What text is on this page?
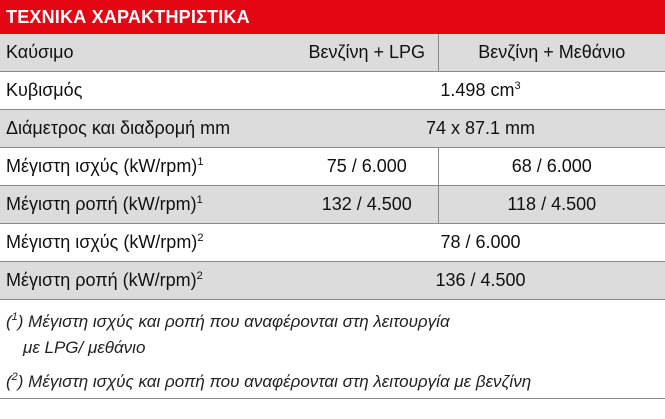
ΤΕΧΝΙΚΑ ΧΑΡΑΚΤΗΡΙΣΤΙΚΑ
Καύσιμο	Βενζίνη + LPG	Βενζίνη + Μεθάνιο
Κυβισμός	1.498 $cm^3$
Διάμετρος και διαδρομή mm	74 x 87.1 mm	
Μέγιστη ισχύς $(kW/rpm)^1$	75 / 6.000	68 / 6.000
Μέγιστη ροπή $(kW/rpm)^1$	132 / 4.500	118 / 4.500
Μέγιστη ισχύς $(kW/rpm)^2$	78 / 6.000	
Μέγιστη ροπή $(kW/rpm)^2$	136 / 4.500	
($^1$) Μέγιστη ισχύς και ροπή που αναφέρονται στη λειτουργία
με LPG/ μεθάνιο
($^2$) Μέγιστη ισχύς και ροπή που αναφέρονται στη λειτουργία με βενζίνη
